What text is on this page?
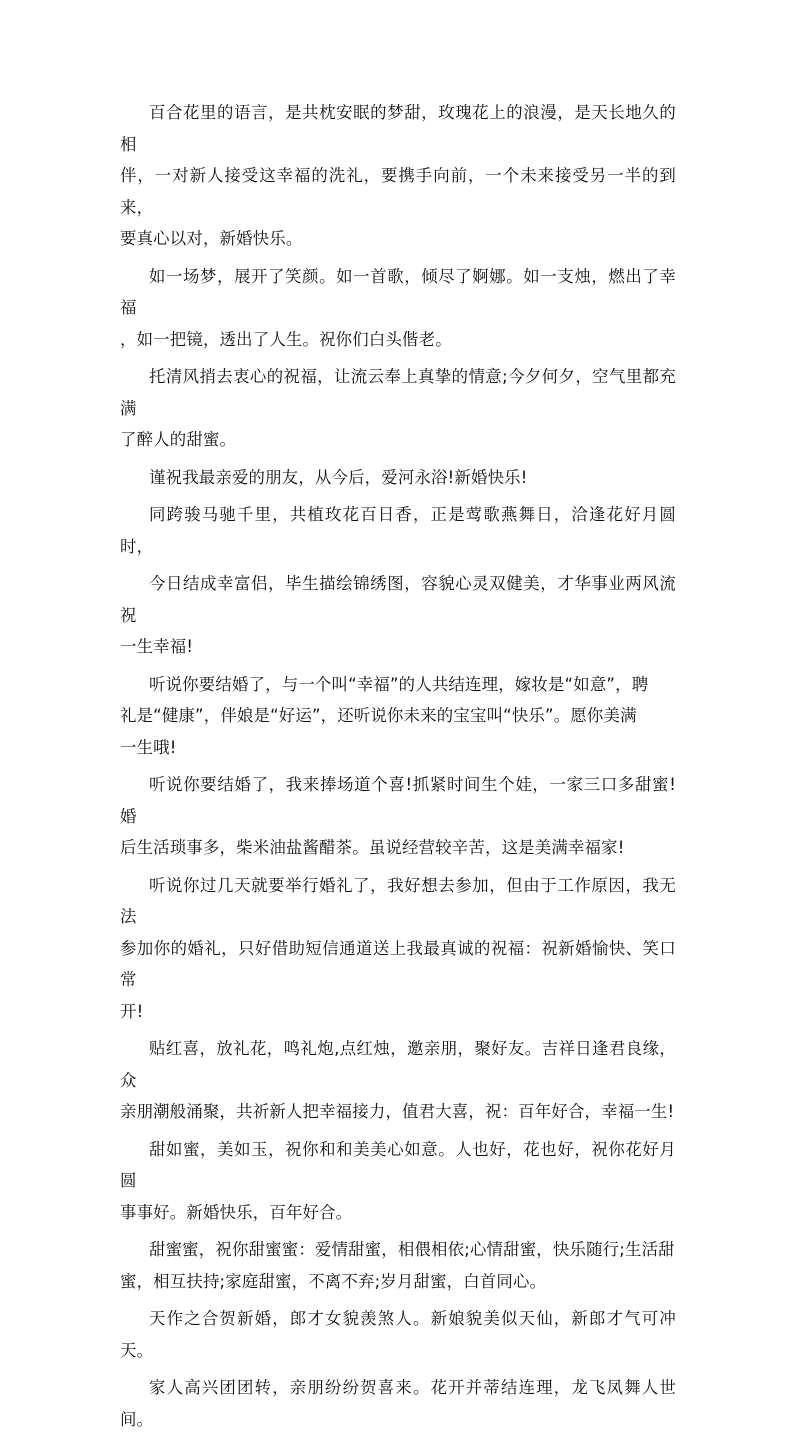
百合花里的语言，是共枕安眠的梦甜，玫瑰花上的浪漫，是天长地久的相
伴，一对新人接受这幸福的洗礼，要携手向前，一个未来接受另一半的到来，
要真心以对，新婚快乐。

如一场梦，展开了笑颜。如一首歌，倾尽了婀娜。如一支烛，燃出了幸福
，如一把镜，透出了人生。祝你们白头偕老。

托清风捎去衷心的祝福，让流云奉上真挚的情意;今夕何夕，空气里都充满
了醉人的甜蜜。

谨祝我最亲爱的朋友，从今后，爱河永浴!新婚快乐!

同跨骏马驰千里，共植玫花百日香，正是莺歌燕舞日，洽逢花好月圆时，

今日结成幸富侣，毕生描绘锦绣图，容貌心灵双健美，才华事业两风流祝
一生幸福!

听说你要结婚了，与一个叫“幸福”的人共结连理，嫁妆是“如意”，聘
礼是“健康”，伴娘是“好运”，还听说你未来的宝宝叫“快乐”。愿你美满
一生哦!

听说你要结婚了，我来捧场道个喜!抓紧时间生个娃，一家三口多甜蜜!婚
后生活琐事多，柴米油盐酱醋茶。虽说经营较辛苦，这是美满幸福家!

听说你过几天就要举行婚礼了，我好想去参加，但由于工作原因，我无法
参加你的婚礼，只好借助短信通道送上我最真诚的祝福：祝新婚愉快、笑口常
开!

贴红喜，放礼花，鸣礼炮,点红烛，邀亲朋，聚好友。吉祥日逢君良缘，众
亲朋潮般涌聚，共祈新人把幸福接力，值君大喜，祝：百年好合，幸福一生!

甜如蜜，美如玉，祝你和和美美心如意。人也好，花也好，祝你花好月圆
事事好。新婚快乐，百年好合。

甜蜜蜜，祝你甜蜜蜜：爱情甜蜜，相偎相依;心情甜蜜，快乐随行;生活甜
蜜，相互扶持;家庭甜蜜，不离不弃;岁月甜蜜，白首同心。

天作之合贺新婚，郎才女貌羡煞人。新娘貌美似天仙，新郎才气可冲天。

家人高兴团团转，亲朋纷纷贺喜来。花开并蒂结连理，龙飞凤舞人世间。
